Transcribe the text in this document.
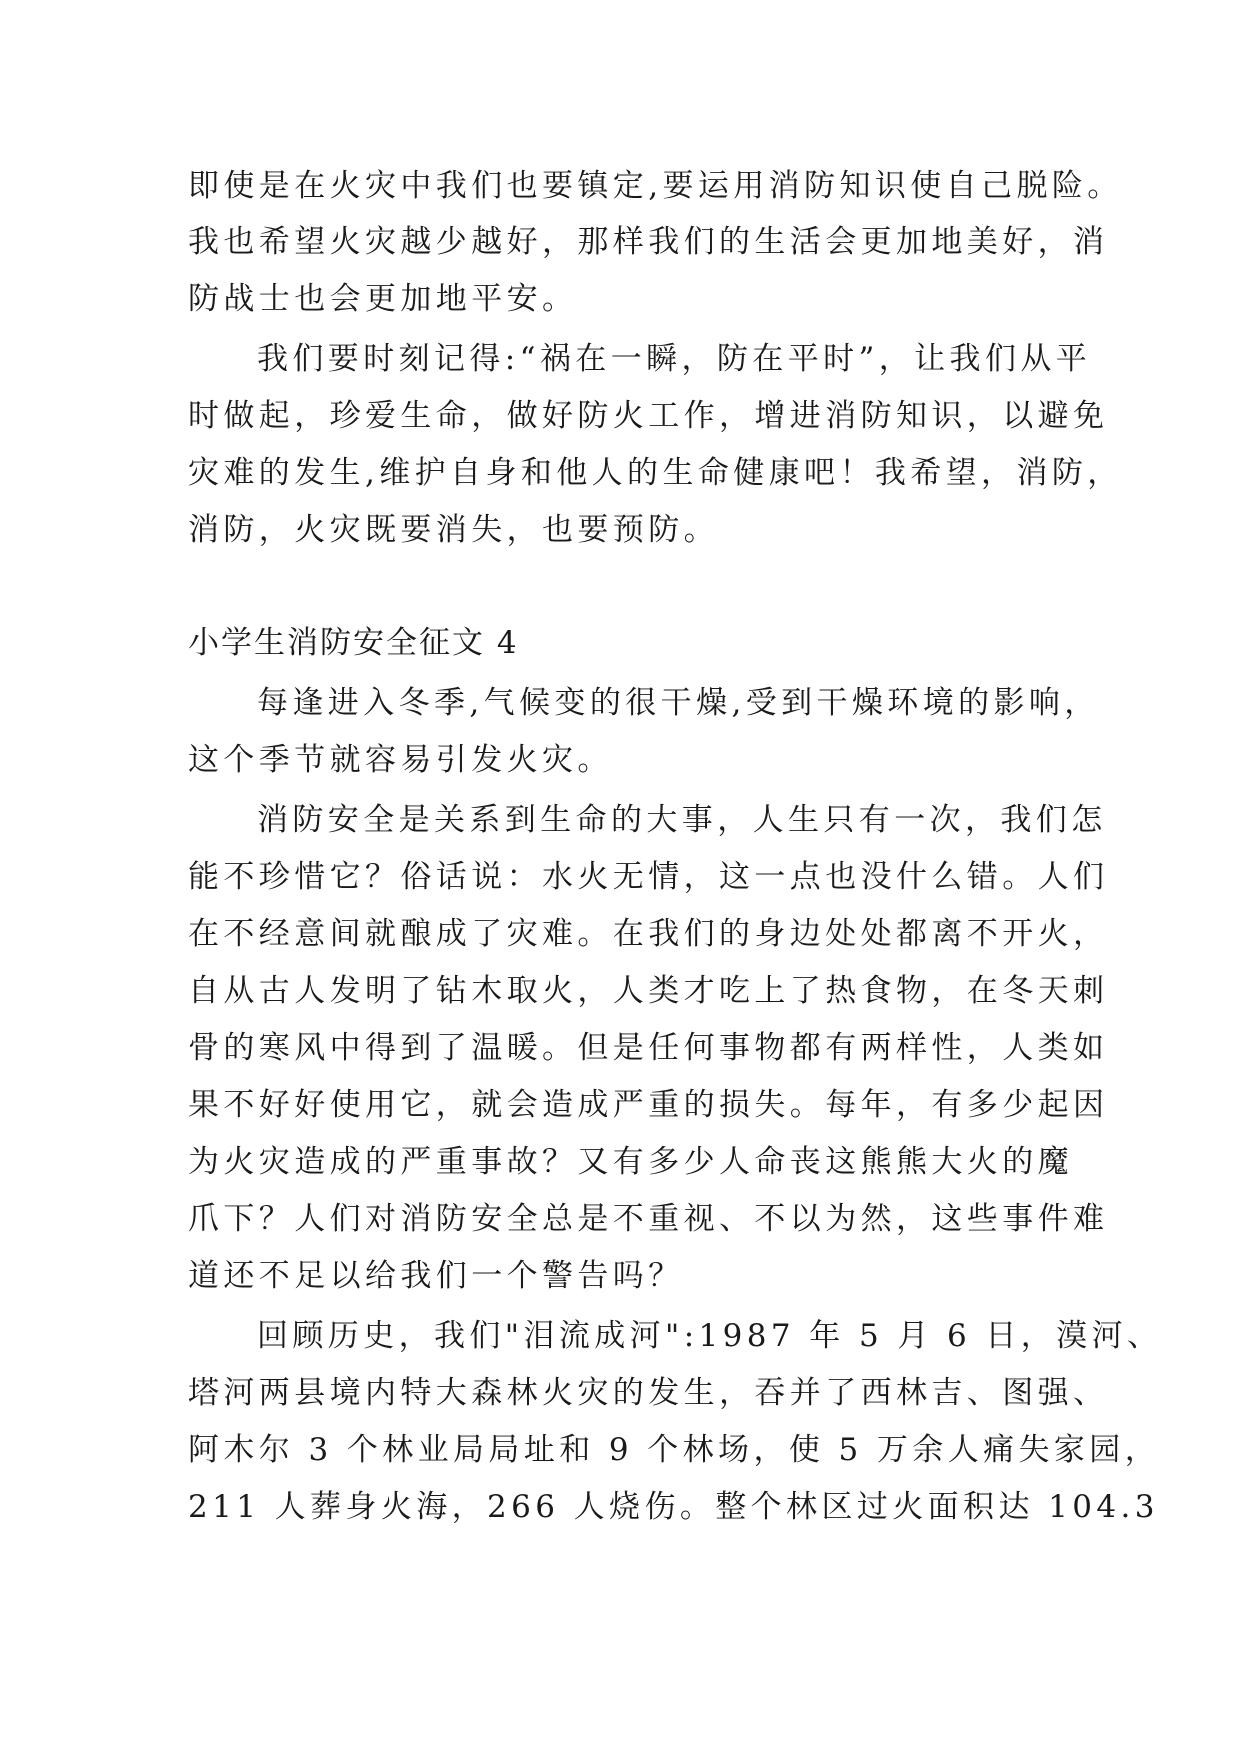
即使是在火灾中我们也要镇定,要运用消防知识使自己脱险。
我也希望火灾越少越好，那样我们的生活会更加地美好，消
防战士也会更加地平安。
我们要时刻记得:“祸在一瞬，防在平时”，让我们从平
时做起，珍爱生命，做好防火工作，增进消防知识，以避免
灾难的发生,维护自身和他人的生命健康吧！我希望，消防，
消防，火灾既要消失，也要预防。
小学生消防安全征文 4
每逢进入冬季,气候变的很干燥,受到干燥环境的影响，
这个季节就容易引发火灾。
消防安全是关系到生命的大事，人生只有一次，我们怎
能不珍惜它？俗话说：水火无情，这一点也没什么错。人们
在不经意间就酿成了灾难。在我们的身边处处都离不开火，
自从古人发明了钻木取火，人类才吃上了热食物，在冬天刺
骨的寒风中得到了温暖。但是任何事物都有两样性，人类如
果不好好使用它，就会造成严重的损失。每年，有多少起因
为火灾造成的严重事故？又有多少人命丧这熊熊大火的魔
爪下？人们对消防安全总是不重视、不以为然，这些事件难
道还不足以给我们一个警告吗？
回顾历史，我们"泪流成河":1987 年 5 月 6 日，漠河、
塔河两县境内特大森林火灾的发生，吞并了西林吉、图强、
阿木尔 3 个林业局局址和 9 个林场，使 5 万余人痛失家园，
211 人葬身火海，266 人烧伤。整个林区过火面积达 104.3
